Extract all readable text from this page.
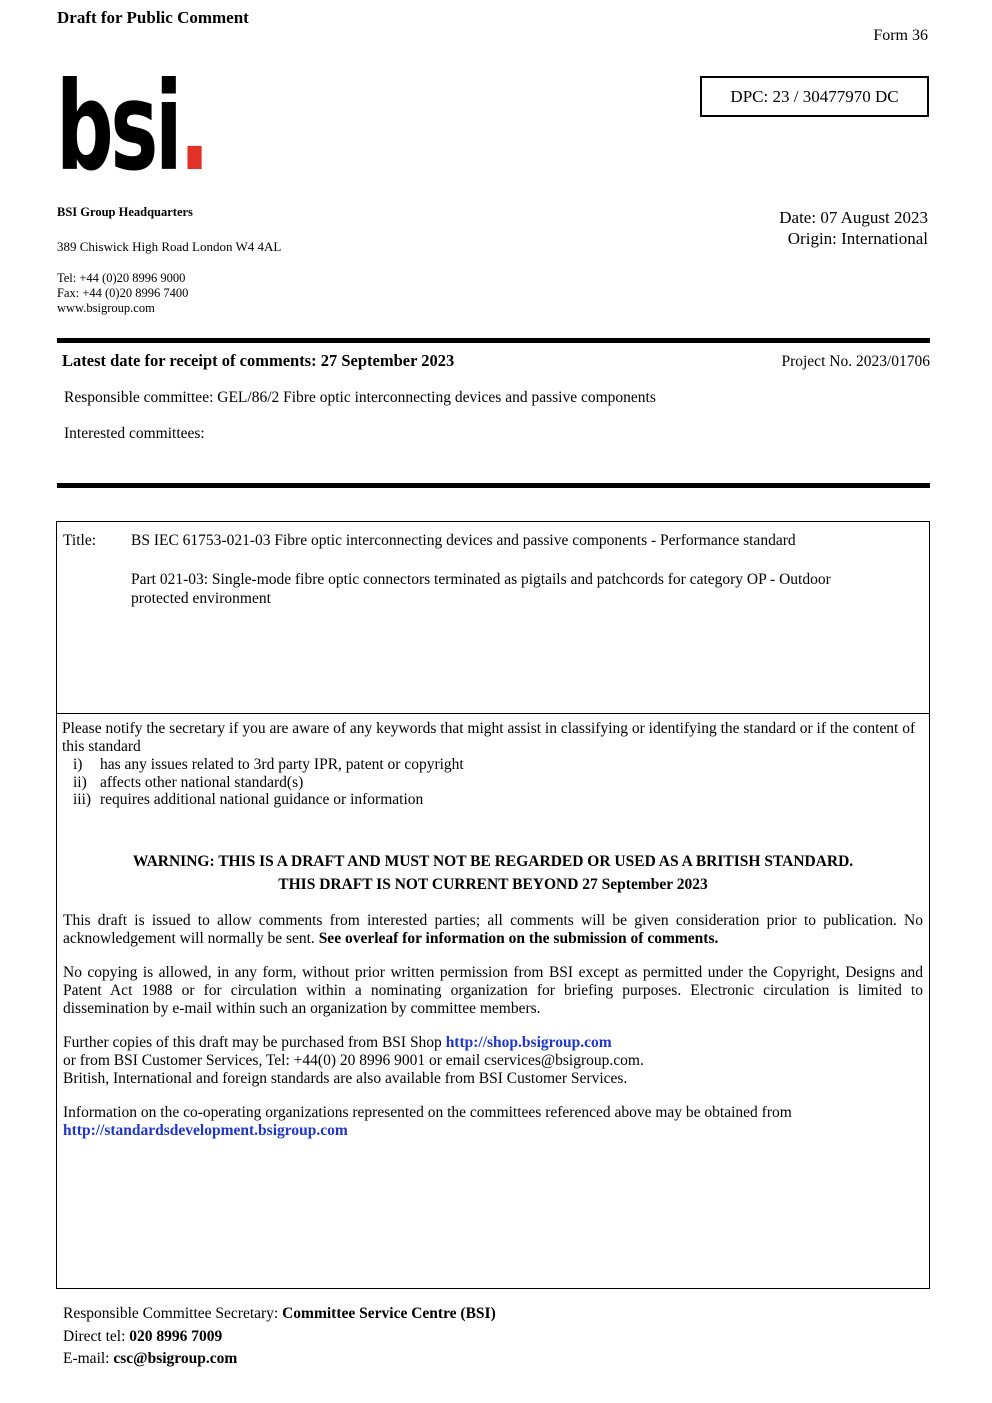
Draft for Public Comment
Form 36
DPC: 23 / 30477970 DC
bsi.
BSI Group Headquarters
389 Chiswick High Road London W4 4AL
Tel: +44 (0)20 8996 9000
Fax: +44 (0)20 8996 7400
www.bsigroup.com
Date: 07 August 2023
Origin: International
Latest date for receipt of comments: 27 September 2023	Project No. 2023/01706
Responsible committee: GEL/86/2 Fibre optic interconnecting devices and passive components
Interested committees:
Title:	BS IEC 61753-021-03 Fibre optic interconnecting devices and passive components - Performance standard
Part 021-03: Single-mode fibre optic connectors terminated as pigtails and patchcords for category OP - Outdoor protected environment
Please notify the secretary if you are aware of any keywords that might assist in classifying or identifying the standard or if the content of this standard
i)	has any issues related to 3rd party IPR, patent or copyright
ii) affects other national standard(s)
iii) requires additional national guidance or information
WARNING: THIS IS A DRAFT AND MUST NOT BE REGARDED OR USED AS A BRITISH STANDARD.
THIS DRAFT IS NOT CURRENT BEYOND 27 September 2023

This draft is issued to allow comments from interested parties; all comments will be given consideration prior to publication. No acknowledgement will normally be sent. See overleaf for information on the submission of comments.

No copying is allowed, in any form, without prior written permission from BSI except as permitted under the Copyright, Designs and Patent Act 1988 or for circulation within a nominating organization for briefing purposes. Electronic circulation is limited to dissemination by e-mail within such an organization by committee members.

Further copies of this draft may be purchased from BSI Shop http://shop.bsigroup.com
or from BSI Customer Services, Tel: +44(0) 20 8996 9001 or email cservices@bsigroup.com.
British, International and foreign standards are also available from BSI Customer Services.

Information on the co-operating organizations represented on the committees referenced above may be obtained from
http://standardsdevelopment.bsigroup.com

Responsible Committee Secretary: Committee Service Centre (BSI)
Direct tel: 020 8996 7009
E-mail: csc@bsigroup.com
